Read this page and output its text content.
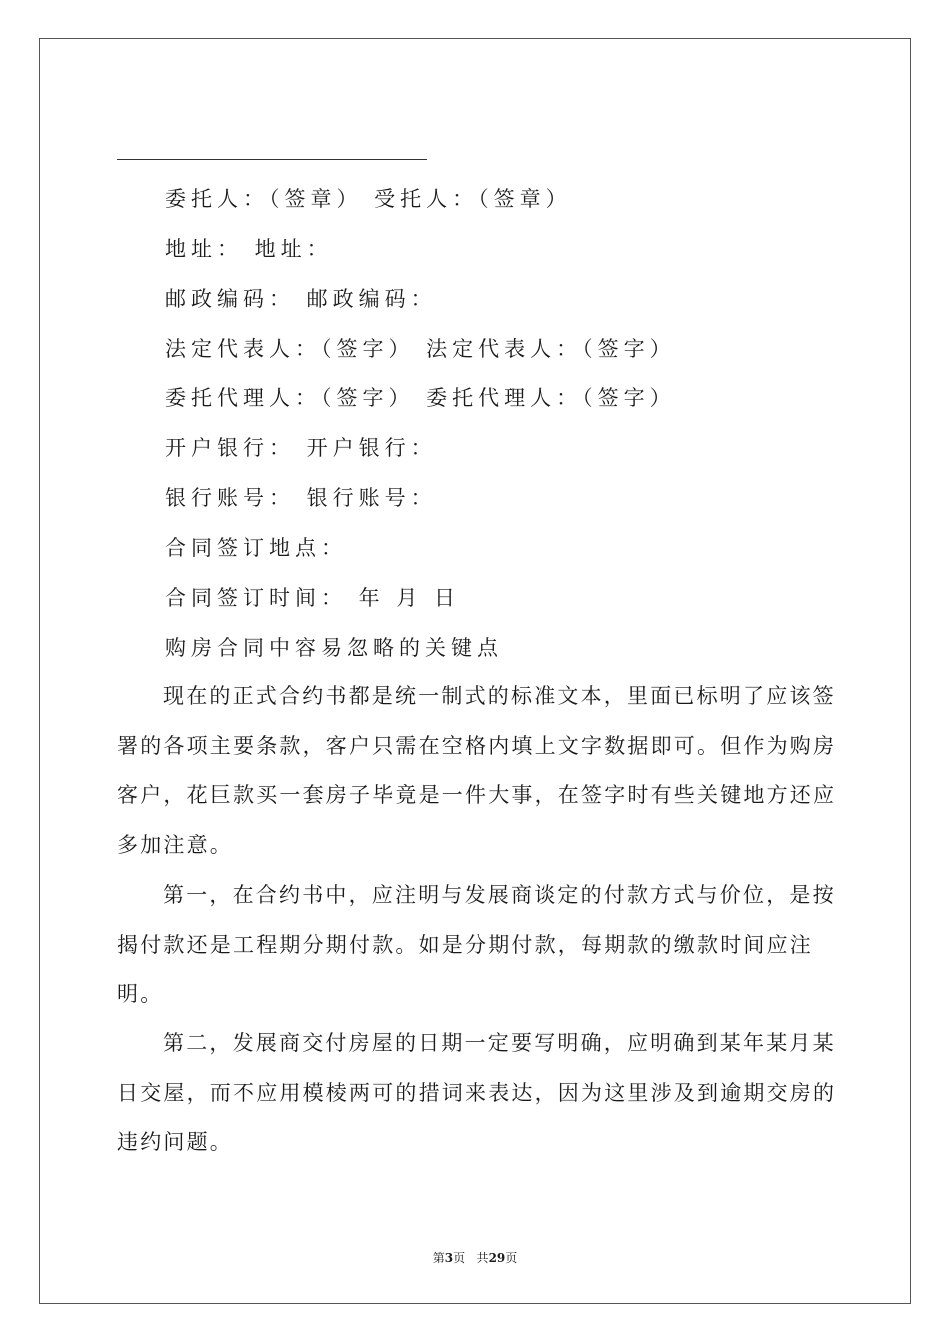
委托人：（签章） 受托人：（签章）
地址： 地址：
邮政编码： 邮政编码：
法定代表人：（签字） 法定代表人：（签字）
委托代理人：（签字） 委托代理人：（签字）
开户银行： 开户银行：
银行账号： 银行账号：
合同签订地点：
合同签订时间： 年 月 日
购房合同中容易忽略的关键点

现在的正式合约书都是统一制式的标准文本，里面已标明了应该签署的各项主要条款，客户只需在空格内填上文字数据即可。但作为购房客户，花巨款买一套房子毕竟是一件大事，在签字时有些关键地方还应多加注意。

第一，在合约书中，应注明与发展商谈定的付款方式与价位，是按揭付款还是工程期分期付款。如是分期付款，每期款的缴款时间应注明。

第二，发展商交付房屋的日期一定要写明确，应明确到某年某月某日交屋，而不应用模棱两可的措词来表达，因为这里涉及到逾期交房的违约问题。

第3页 共29页
